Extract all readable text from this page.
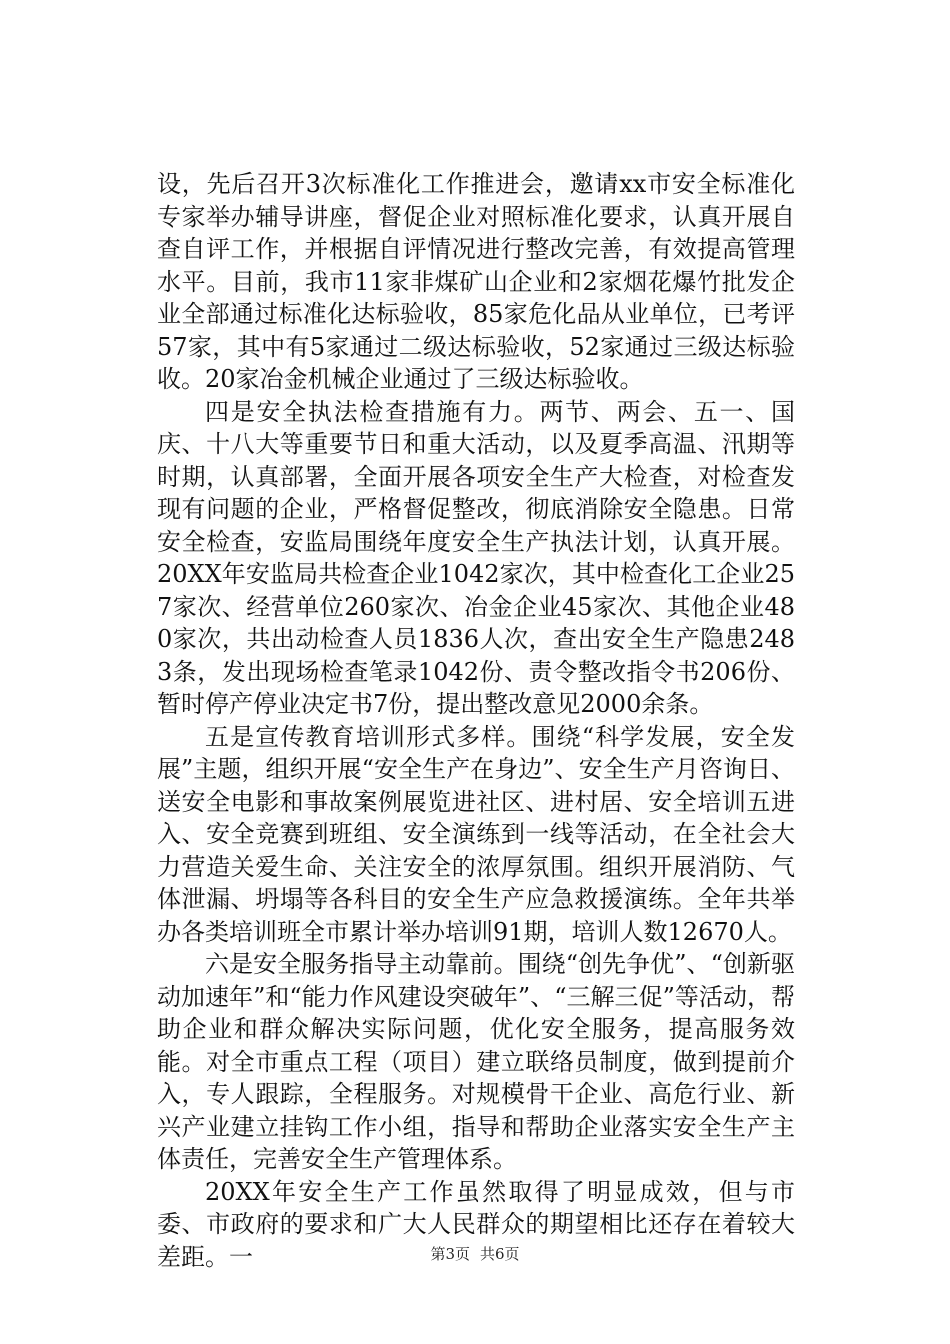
设，先后召开3次标准化工作推进会，邀请xx市安全标准化专家举办辅导讲座，督促企业对照标准化要求，认真开展自查自评工作，并根据自评情况进行整改完善，有效提高管理水平。目前，我市11家非煤矿山企业和2家烟花爆竹批发企业全部通过标准化达标验收，85家危化品从业单位，已考评57家，其中有5家通过二级达标验收，52家通过三级达标验收。20家冶金机械企业通过了三级达标验收。

四是安全执法检查措施有力。两节、两会、五一、国庆、十八大等重要节日和重大活动，以及夏季高温、汛期等时期，认真部署，全面开展各项安全生产大检查，对检查发现有问题的企业，严格督促整改，彻底消除安全隐患。日常安全检查，安监局围绕年度安全生产执法计划，认真开展。20XX年安监局共检查企业1042家次，其中检查化工企业257家次、经营单位260家次、冶金企业45家次、其他企业480家次，共出动检查人员1836人次，查出安全生产隐患2483条，发出现场检查笔录1042份、责令整改指令书206份、暂时停产停业决定书7份，提出整改意见2000余条。

五是宣传教育培训形式多样。围绕“科学发展，安全发展”主题，组织开展“安全生产在身边”、安全生产月咨询日、送安全电影和事故案例展览进社区、进村居、安全培训五进入、安全竞赛到班组、安全演练到一线等活动，在全社会大力营造关爱生命、关注安全的浓厚氛围。组织开展消防、气体泄漏、坍塌等各科目的安全生产应急救援演练。全年共举办各类培训班全市累计举办培训91期，培训人数12670人。

六是安全服务指导主动靠前。围绕“创先争优”、“创新驱动加速年”和“能力作风建设突破年”、“三解三促”等活动，帮助企业和群众解决实际问题，优化安全服务，提高服务效能。对全市重点工程（项目）建立联络员制度，做到提前介入，专人跟踪，全程服务。对规模骨干企业、高危行业、新兴产业建立挂钩工作小组，指导和帮助企业落实安全生产主体责任，完善安全生产管理体系。

20XX年安全生产工作虽然取得了明显成效，但与市委、市政府的要求和广大人民群众的期望相比还存在着较大差距。一	第3页 共6页
